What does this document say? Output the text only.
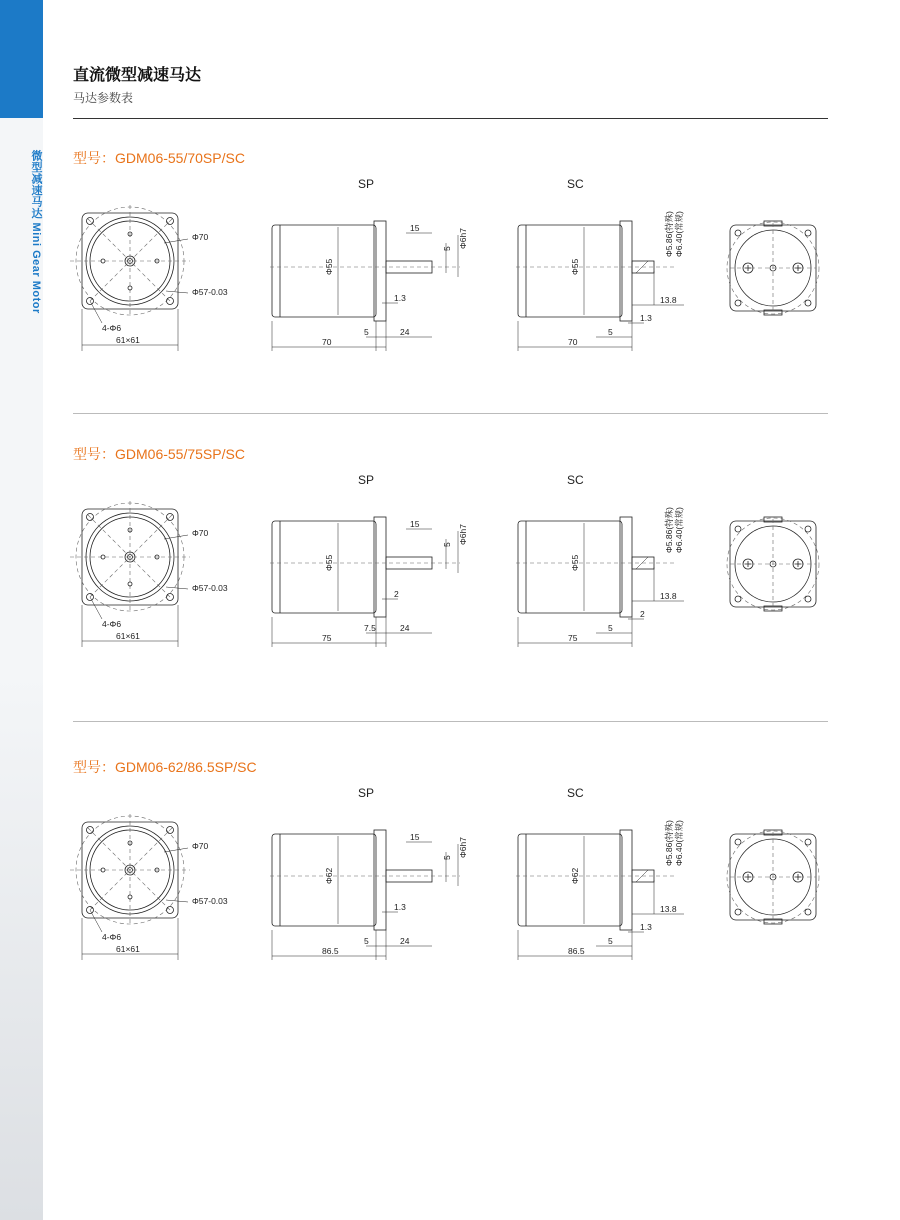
微型减速马达 Mini Gear Motor
直流微型减速马达
马达参数表
型号：GDM06-55/70SP/SC
SP	SC
Φ70
Φ57-0.03
4-Φ6
61×61
Φ55
15
5 Φ6h7
1.3
70
5	24
Φ55
Φ5.86(特殊) Φ6.40(常规)
13.8
1.3
70
5
型号：GDM06-55/75SP/SC
SP	SC
Φ70
Φ57-0.03
4-Φ6
61×61
Φ55
15
5 Φ6h7
2
75
7.5	24
Φ55
Φ5.86(特殊) Φ6.40(常规)
13.8
2
75
5
型号：GDM06-62/86.5SP/SC
SP	SC
Φ70
Φ57-0.03
4-Φ6
61×61
Φ62
15
5 Φ6h7
1.3
86.5
5	24
Φ62
Φ5.86(特殊) Φ6.40(常规)
13.8
1.3
86.5
5
